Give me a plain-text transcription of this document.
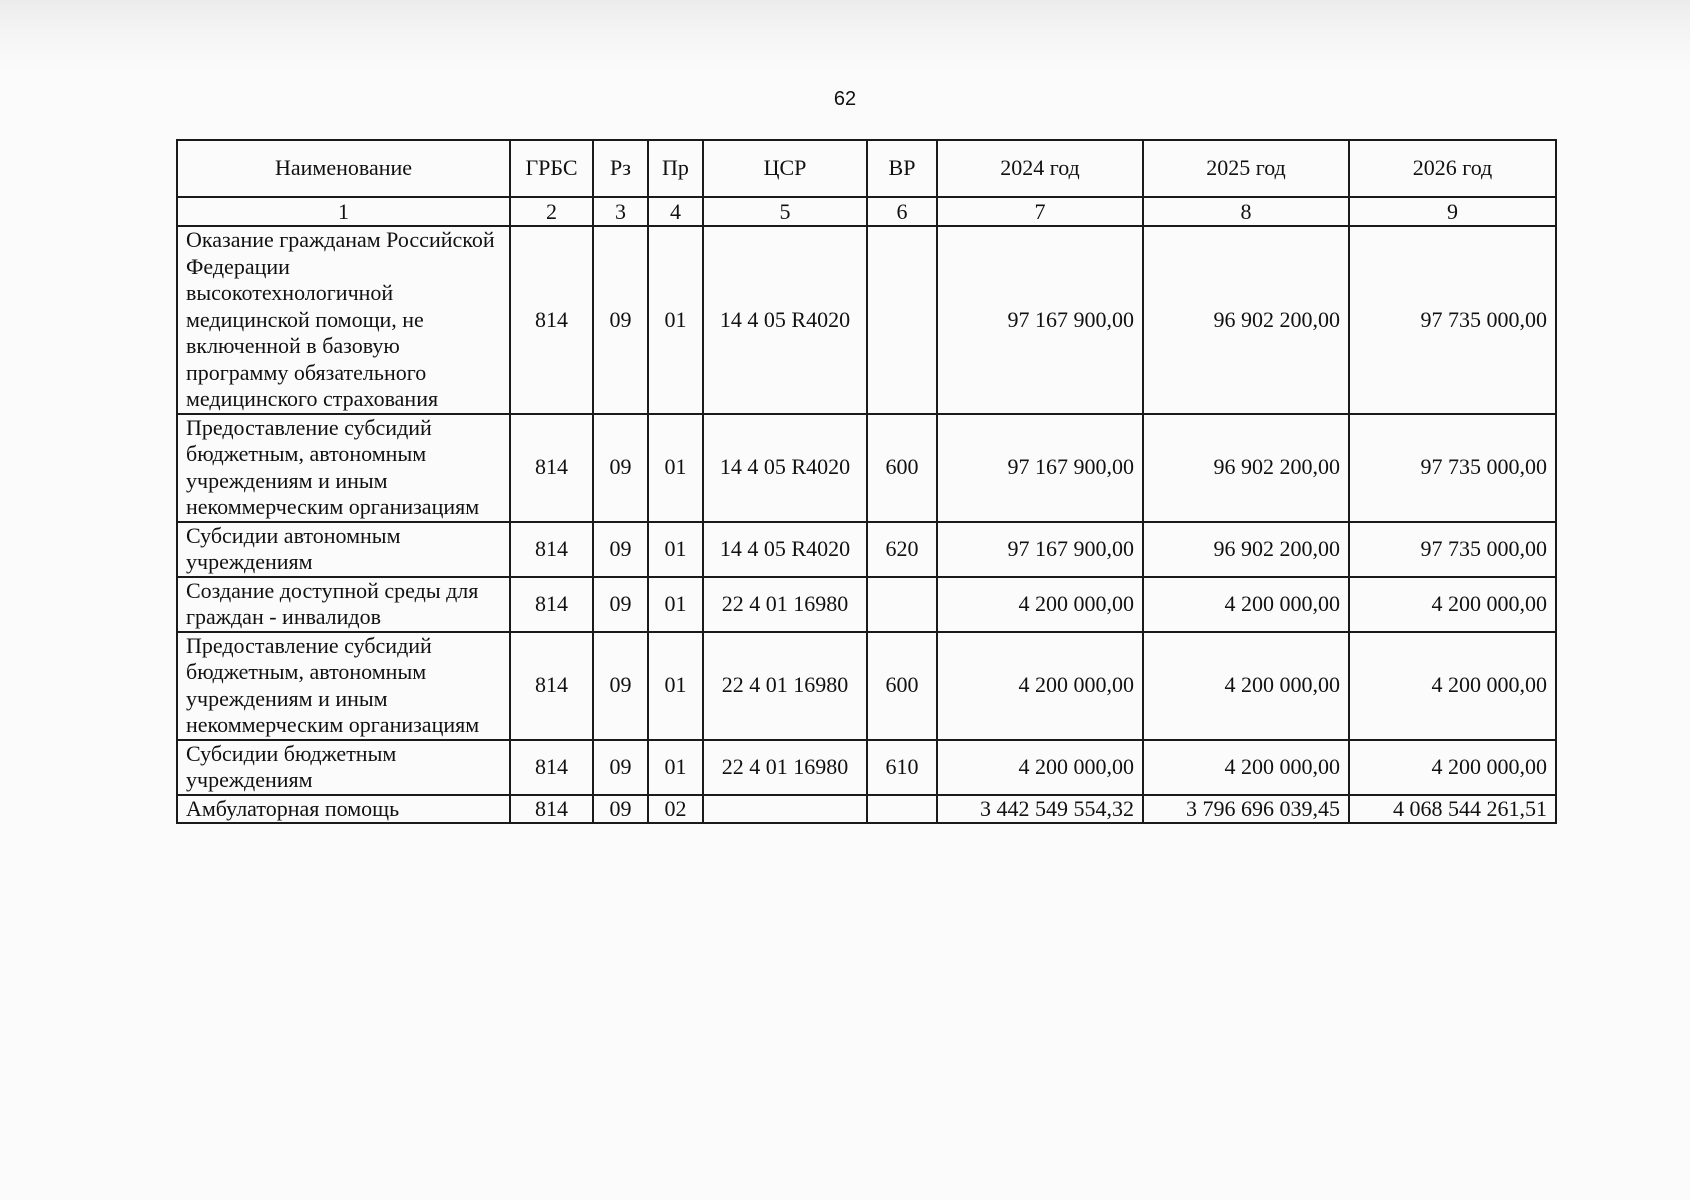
62
Наименование	ГРБС	Рз	Пр	ЦСР	ВР	2024 год	2025 год	2026 год
1	2	3	4	5	6	7	8	9
Оказание гражданам Российской Федерации высокотехнологичной медицинской помощи, не включенной в базовую программу обязательного медицинского страхования	814	09	01	14 4 05 R4020		97 167 900,00	96 902 200,00	97 735 000,00
Предоставление субсидий бюджетным, автономным учреждениям и иным некоммерческим организациям	814	09	01	14 4 05 R4020	600	97 167 900,00	96 902 200,00	97 735 000,00
Субсидии автономным учреждениям	814	09	01	14 4 05 R4020	620	97 167 900,00	96 902 200,00	97 735 000,00
Создание доступной среды для граждан - инвалидов	814	09	01	22 4 01 16980		4 200 000,00	4 200 000,00	4 200 000,00
Предоставление субсидий бюджетным, автономным учреждениям и иным некоммерческим организациям	814	09	01	22 4 01 16980	600	4 200 000,00	4 200 000,00	4 200 000,00
Субсидии бюджетным учреждениям	814	09	01	22 4 01 16980	610	4 200 000,00	4 200 000,00	4 200 000,00
Амбулаторная помощь	814	09	02			3 442 549 554,32	3 796 696 039,45	4 068 544 261,51
